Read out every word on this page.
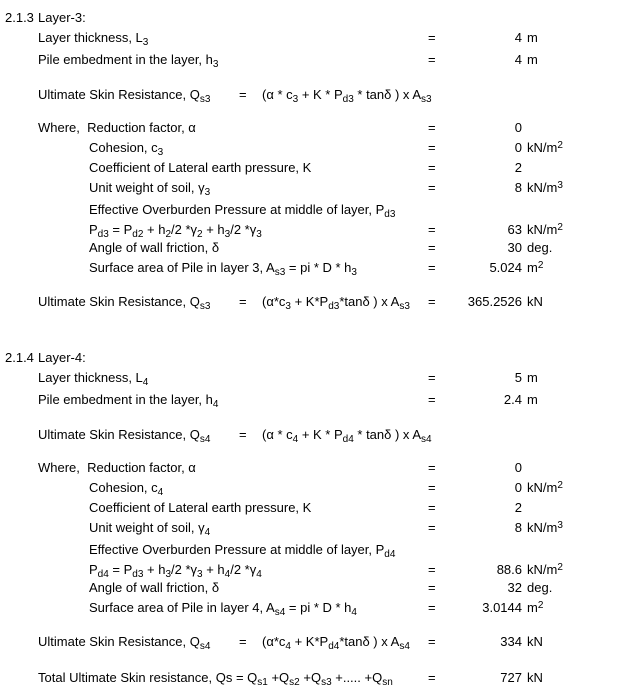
2.1.3 Layer-3:
Layer thickness, $L_3$	=	4 m
Pile embedment in the layer, $h_3$	=	4 m
Ultimate Skin Resistance, $Q_{s3} = (\alpha * c_3 + K * P_{d3} * \tan\delta$ ) x $A_{s3}$
Where,  Reduction factor, α	=	0
Cohesion, $c_3$	=	0 $kN/m^2$
Coefficient of Lateral earth pressure, K	=	2
Unit weight of soil, $\gamma_3$	=	8 $kN/m^3$
Effective Overburden Pressure at middle of layer, $P_{d3}$
$P_{d3} = P_{d2} + h_2/2$ $*\gamma_2 + h_3/2$ $*\gamma_3$	=	63 $kN/m^2$
Angle of wall friction, δ	=	30 deg.
Surface area of Pile in layer 3, $A_{s3}$ = pi * D * $h_3$	=	5.024 $m^2$
Ultimate Skin Resistance, $Q_{s3} = (\alpha*c_3 + K*P_{d3}*\tan\delta$ ) x $A_{s3} = 365.2526$ kN
2.1.4 Layer-4:
Layer thickness, $L_4$	=	5 m
Pile embedment in the layer, $h_4$	=	2.4 m
Ultimate Skin Resistance, $Q_{s4} = (\alpha * c_4 + K * P_{d4} * \tan\delta$ ) x $A_{s4}$
Where,  Reduction factor, α	=	0
Cohesion, $c_4$	=	0 $kN/m^2$
Coefficient of Lateral earth pressure, K	=	2
Unit weight of soil, $\gamma_4$	=	8 $kN/m^3$
Effective Overburden Pressure at middle of layer, $P_{d4}$
$P_{d4} = P_{d3} + h_3/2$ $*\gamma_3 + h_4/2$ $*\gamma_4$	=	88.6 $kN/m^2$
Angle of wall friction, δ	=	32 deg.
Surface area of Pile in layer 4, $A_{s4}$ = pi * D * $h_4$	=	3.0144 $m^2$
Ultimate Skin Resistance, $Q_{s4} = (\alpha*c_4 + K*P_{d4}*\tan\delta$ ) x $A_{s4}$ =	334 kN
Total Ultimate Skin resistance, $Qs = Q_{s1} +Q_{s2} +Q_{s3}$ +..... $+Q_{sn}$	=	727 kN
